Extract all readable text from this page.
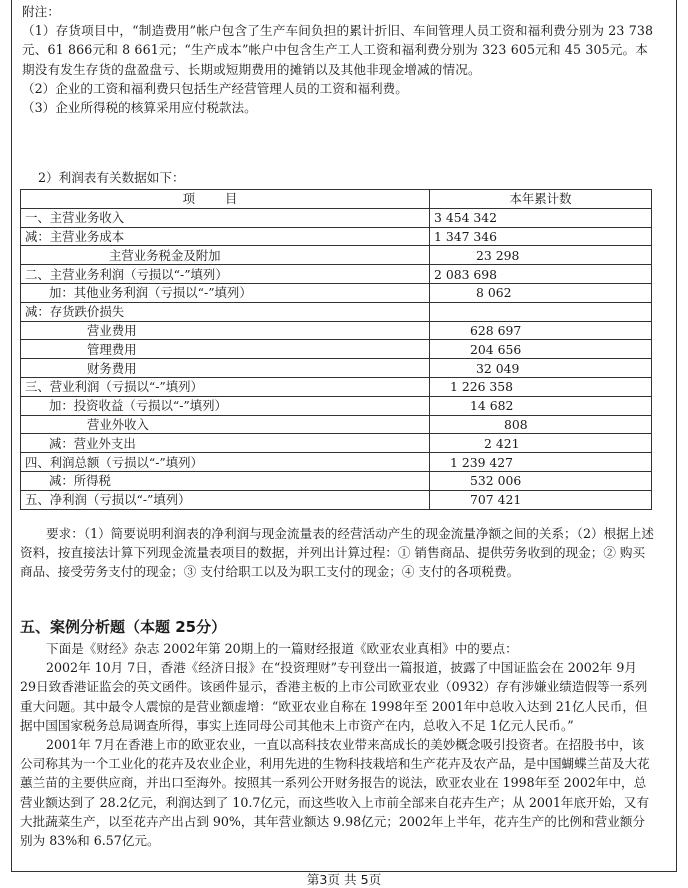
附注：

（1）存货项目中，“制造费用”帐户包含了生产车间负担的累计折旧、车间管理人员工资和福利费分别为 23 738元、61 866元和 8 661元；“生产成本”帐户中包含生产工人工资和福利费分别为 323 605元和 45 305元。本期没有发生存货的盘盈盘亏、长期或短期费用的摊销以及其他非现金增减的情况。

（2）企业的工资和福利费只包括生产经营管理人员的工资和福利费。

（3）企业所得税的核算采用应付税款法。

2）利润表有关数据如下：

项目	本年累计数
一、主营业务收入	3 454 342
减：主营业务成本	1 347 346
主营业务税金及附加	23 298
二、主营业务利润（亏损以“-”填列）	2 083 698
加：其他业务利润（亏损以“-”填列）	8 062
减：存货跌价损失	
营业费用	628 697
管理费用	204 656
财务费用	32 049
三、营业利润（亏损以“-”填列）	1 226 358
加：投资收益（亏损以“-”填列）	14 682
营业外收入	808
减：营业外支出	2 421
四、利润总额（亏损以“-”填列）	1 239 427
减：所得税	532 006
五、净利润（亏损以“-”填列）	707 421

要求：（1）简要说明利润表的净利润与现金流量表的经营活动产生的现金流量净额之间的关系；（2）根据上述资料，按直接法计算下列现金流量表项目的数据，并列出计算过程：① 销售商品、提供劳务收到的现金；② 购买商品、接受劳务支付的现金；③ 支付给职工以及为职工支付的现金；④ 支付的各项税费。

五、案例分析题（本题 25分）

下面是《财经》杂志 2002年第 20期上的一篇财经报道《欧亚农业真相》中的要点：

2002年 10月 7日，香港《经济日报》在“投资理财”专刊登出一篇报道，披露了中国证监会在 2002年 9月 29日致香港证监会的英文函件。该函件显示，香港主板的上市公司欧亚农业（0932）存有涉嫌业绩造假等一系列重大问题。其中最令人震惊的是营业额虚增：“欧亚农业自称在 1998年至 2001年中总收入达到 21亿人民币，但据中国国家税务总局调查所得，事实上连同母公司其他未上市资产在内，总收入不足 1亿元人民币。”

2001年 7月在香港上市的欧亚农业，一直以高科技农业带来高成长的美妙概念吸引投资者。在招股书中，该公司称其为一个工业化的花卉及农业企业，利用先进的生物科技栽培和生产花卉及农产品，是中国蝴蝶兰苗及大花蕙兰苗的主要供应商，并出口至海外。按照其一系列公开财务报告的说法，欧亚农业在 1998年至 2002年中，总营业额达到了 28.2亿元，利润达到了 10.7亿元，而这些收入上市前全部来自花卉生产；从 2001年底开始，又有大批蔬菜生产，以至花卉产出占到 90%，其年营业额达 9.98亿元；2002年上半年，花卉生产的比例和营业额分别为 83%和 6.57亿元。

第3页 共 5页
